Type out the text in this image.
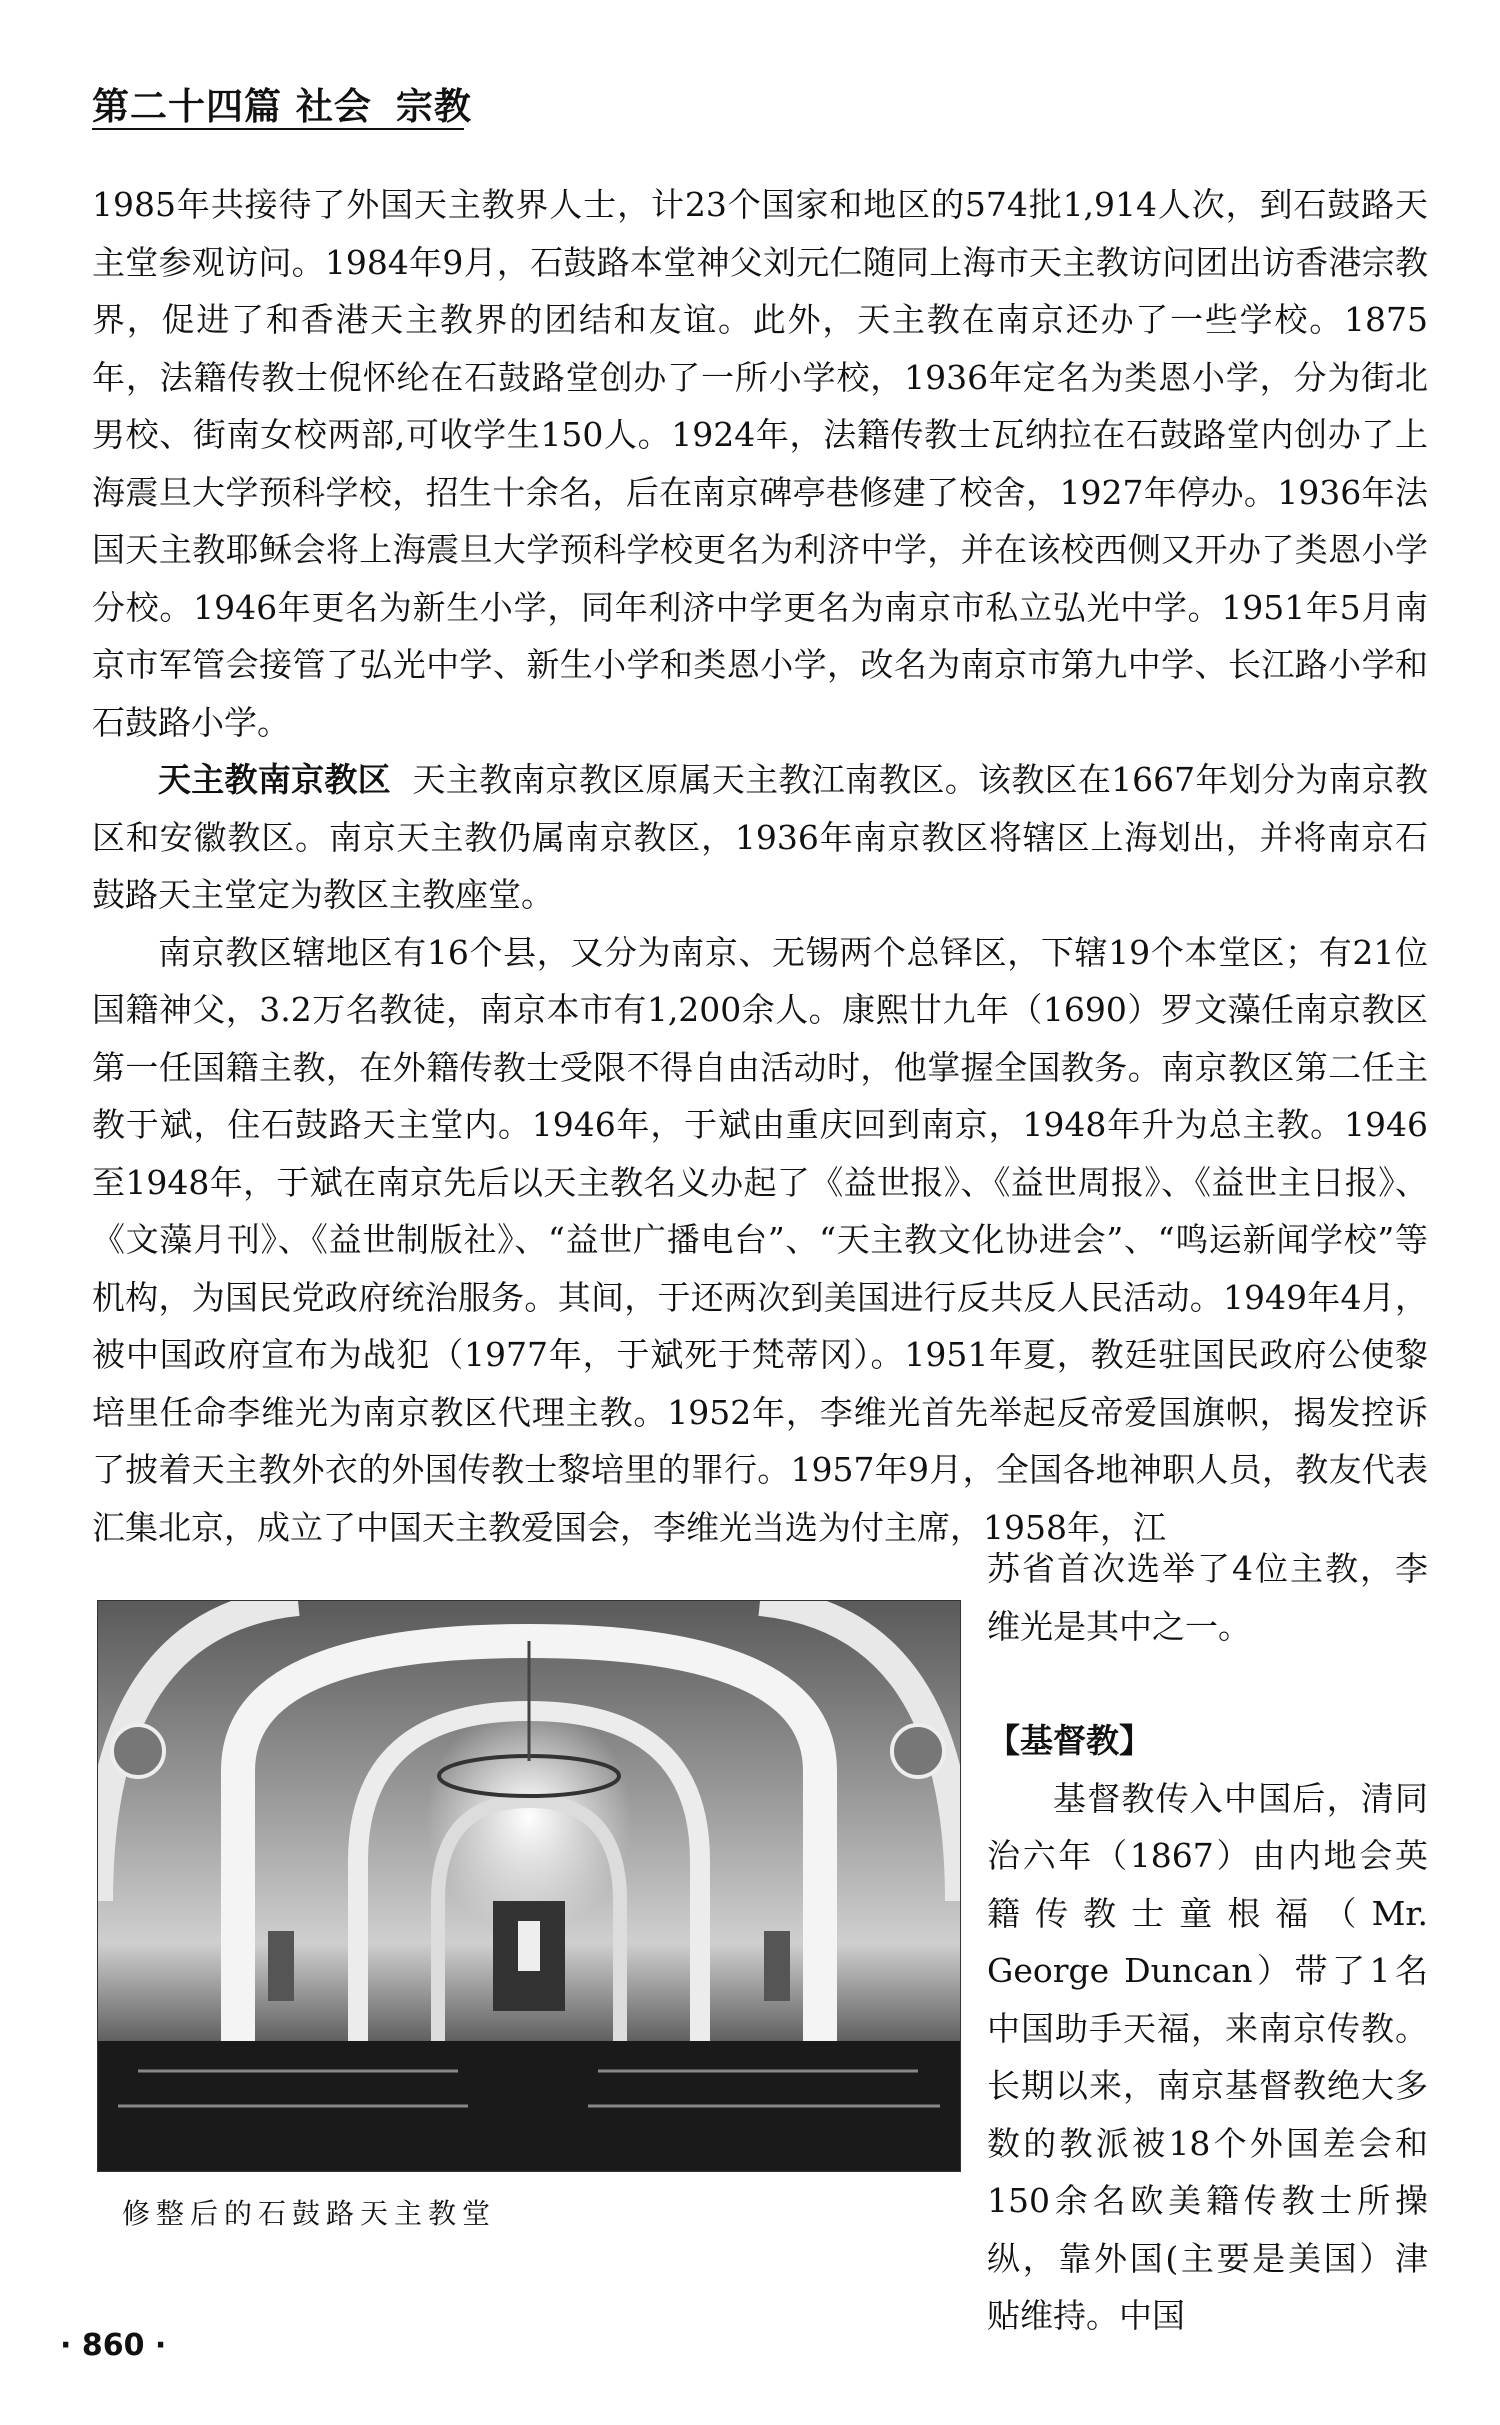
第二十四篇 社会 宗教

1985年共接待了外国天主教界人士，计23个国家和地区的574批1,914人次，到石鼓路天主堂参观访问。1984年9月，石鼓路本堂神父刘元仁随同上海市天主教访问团出访香港宗教界，促进了和香港天主教界的团结和友谊。此外，天主教在南京还办了一些学校。1875年，法籍传教士倪怀纶在石鼓路堂创办了一所小学校，1936年定名为类恩小学，分为街北男校、街南女校两部,可收学生150人。1924年，法籍传教士瓦纳拉在石鼓路堂内创办了上海震旦大学预科学校，招生十余名，后在南京碑亭巷修建了校舍，1927年停办。1936年法国天主教耶稣会将上海震旦大学预科学校更名为利济中学，并在该校西侧又开办了类恩小学分校。1946年更名为新生小学，同年利济中学更名为南京市私立弘光中学。1951年5月南京市军管会接管了弘光中学、新生小学和类恩小学，改名为南京市第九中学、长江路小学和石鼓路小学。

天主教南京教区 天主教南京教区原属天主教江南教区。该教区在1667年划分为南京教区和安徽教区。南京天主教仍属南京教区，1936年南京教区将辖区上海划出，并将南京石鼓路天主堂定为教区主教座堂。

南京教区辖地区有16个县，又分为南京、无锡两个总铎区，下辖19个本堂区；有21位国籍神父，3.2万名教徒，南京本市有1,200余人。康熙廿九年（1690）罗文藻任南京教区第一任国籍主教，在外籍传教士受限不得自由活动时，他掌握全国教务。南京教区第二任主教于斌，住石鼓路天主堂内。1946年，于斌由重庆回到南京，1948年升为总主教。1946至1948年，于斌在南京先后以天主教名义办起了《益世报》、《益世周报》、《益世主日报》、《文藻月刊》、《益世制版社》、“益世广播电台”、“天主教文化协进会”、“鸣运新闻学校”等机构，为国民党政府统治服务。其间，于还两次到美国进行反共反人民活动。1949年4月，被中国政府宣布为战犯（1977年，于斌死于梵蒂冈）。1951年夏，教廷驻国民政府公使黎培里任命李维光为南京教区代理主教。1952年，李维光首先举起反帝爱国旗帜，揭发控诉了披着天主教外衣的外国传教士黎培里的罪行。1957年9月，全国各地神职人员，教友代表汇集北京，成立了中国天主教爱国会，李维光当选为付主席，1958年，江

修整后的石鼓路天主教堂

苏省首次选举了4位主教，李维光是其中之一。

【基督教】

基督教传入中国后，清同治六年（1867）由内地会英籍传教士童根福（Mr. George Duncan）带了1名中国助手天福，来南京传教。长期以来，南京基督教绝大多数的教派被18个外国差会和150余名欧美籍传教士所操纵，靠外国(主要是美国）津贴维持。中国

· 860 ·
